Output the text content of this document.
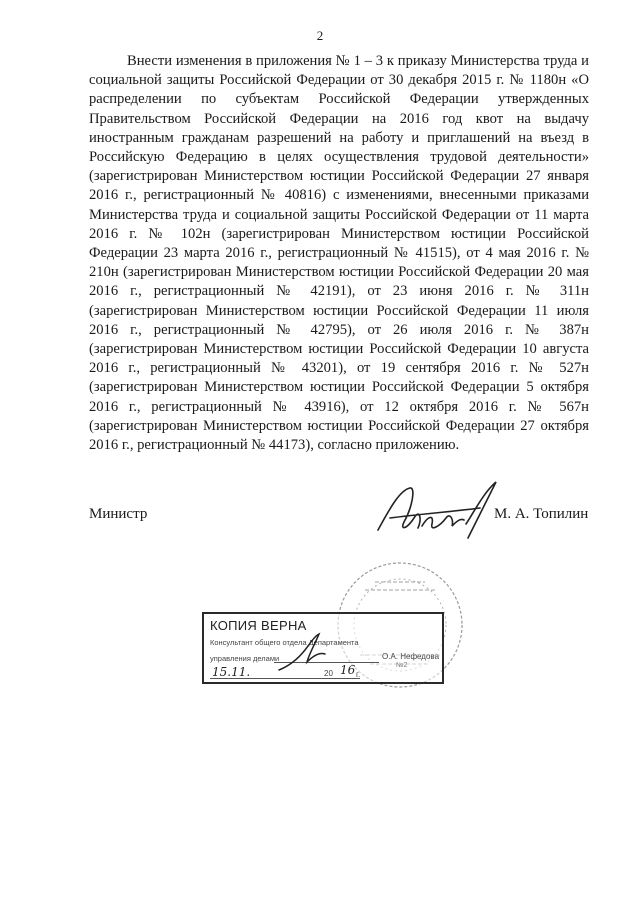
2

Внести изменения в приложения № 1 – 3 к приказу Министерства труда и социальной защиты Российской Федерации от 30 декабря 2015 г. № 1180н «О распределении по субъектам Российской Федерации утвержденных Правительством Российской Федерации на 2016 год квот на выдачу иностранным гражданам разрешений на работу и приглашений на въезд в Российскую Федерацию в целях осуществления трудовой деятельности» (зарегистрирован Министерством юстиции Российской Федерации 27 января 2016 г., регистрационный № 40816) с изменениями, внесенными приказами Министерства труда и социальной защиты Российской Федерации от 11 марта 2016 г. № 102н (зарегистрирован Министерством юстиции Российской Федерации 23 марта 2016 г., регистрационный № 41515), от 4 мая 2016 г. № 210н (зарегистрирован Министерством юстиции Российской Федерации 20 мая 2016 г., регистрационный № 42191), от 23 июня 2016 г. № 311н (зарегистрирован Министерством юстиции Российской Федерации 11 июля 2016 г., регистрационный № 42795), от 26 июля 2016 г. № 387н (зарегистрирован Министерством юстиции Российской Федерации 10 августа 2016 г., регистрационный № 43201), от 19 сентября 2016 г. № 527н (зарегистрирован Министерством юстиции Российской Федерации 5 октября 2016 г., регистрационный № 43916), от 12 октября 2016 г. № 567н (зарегистрирован Министерством юстиции Российской Федерации 27 октября 2016 г., регистрационный № 44173), согласно приложению.

Министр	М. А. Топилин
КОПИЯ ВЕРНА
Консультант общего отдела Департамента
управления делами	О.А. Нефедова
15.11.	20 16 г.
№2
